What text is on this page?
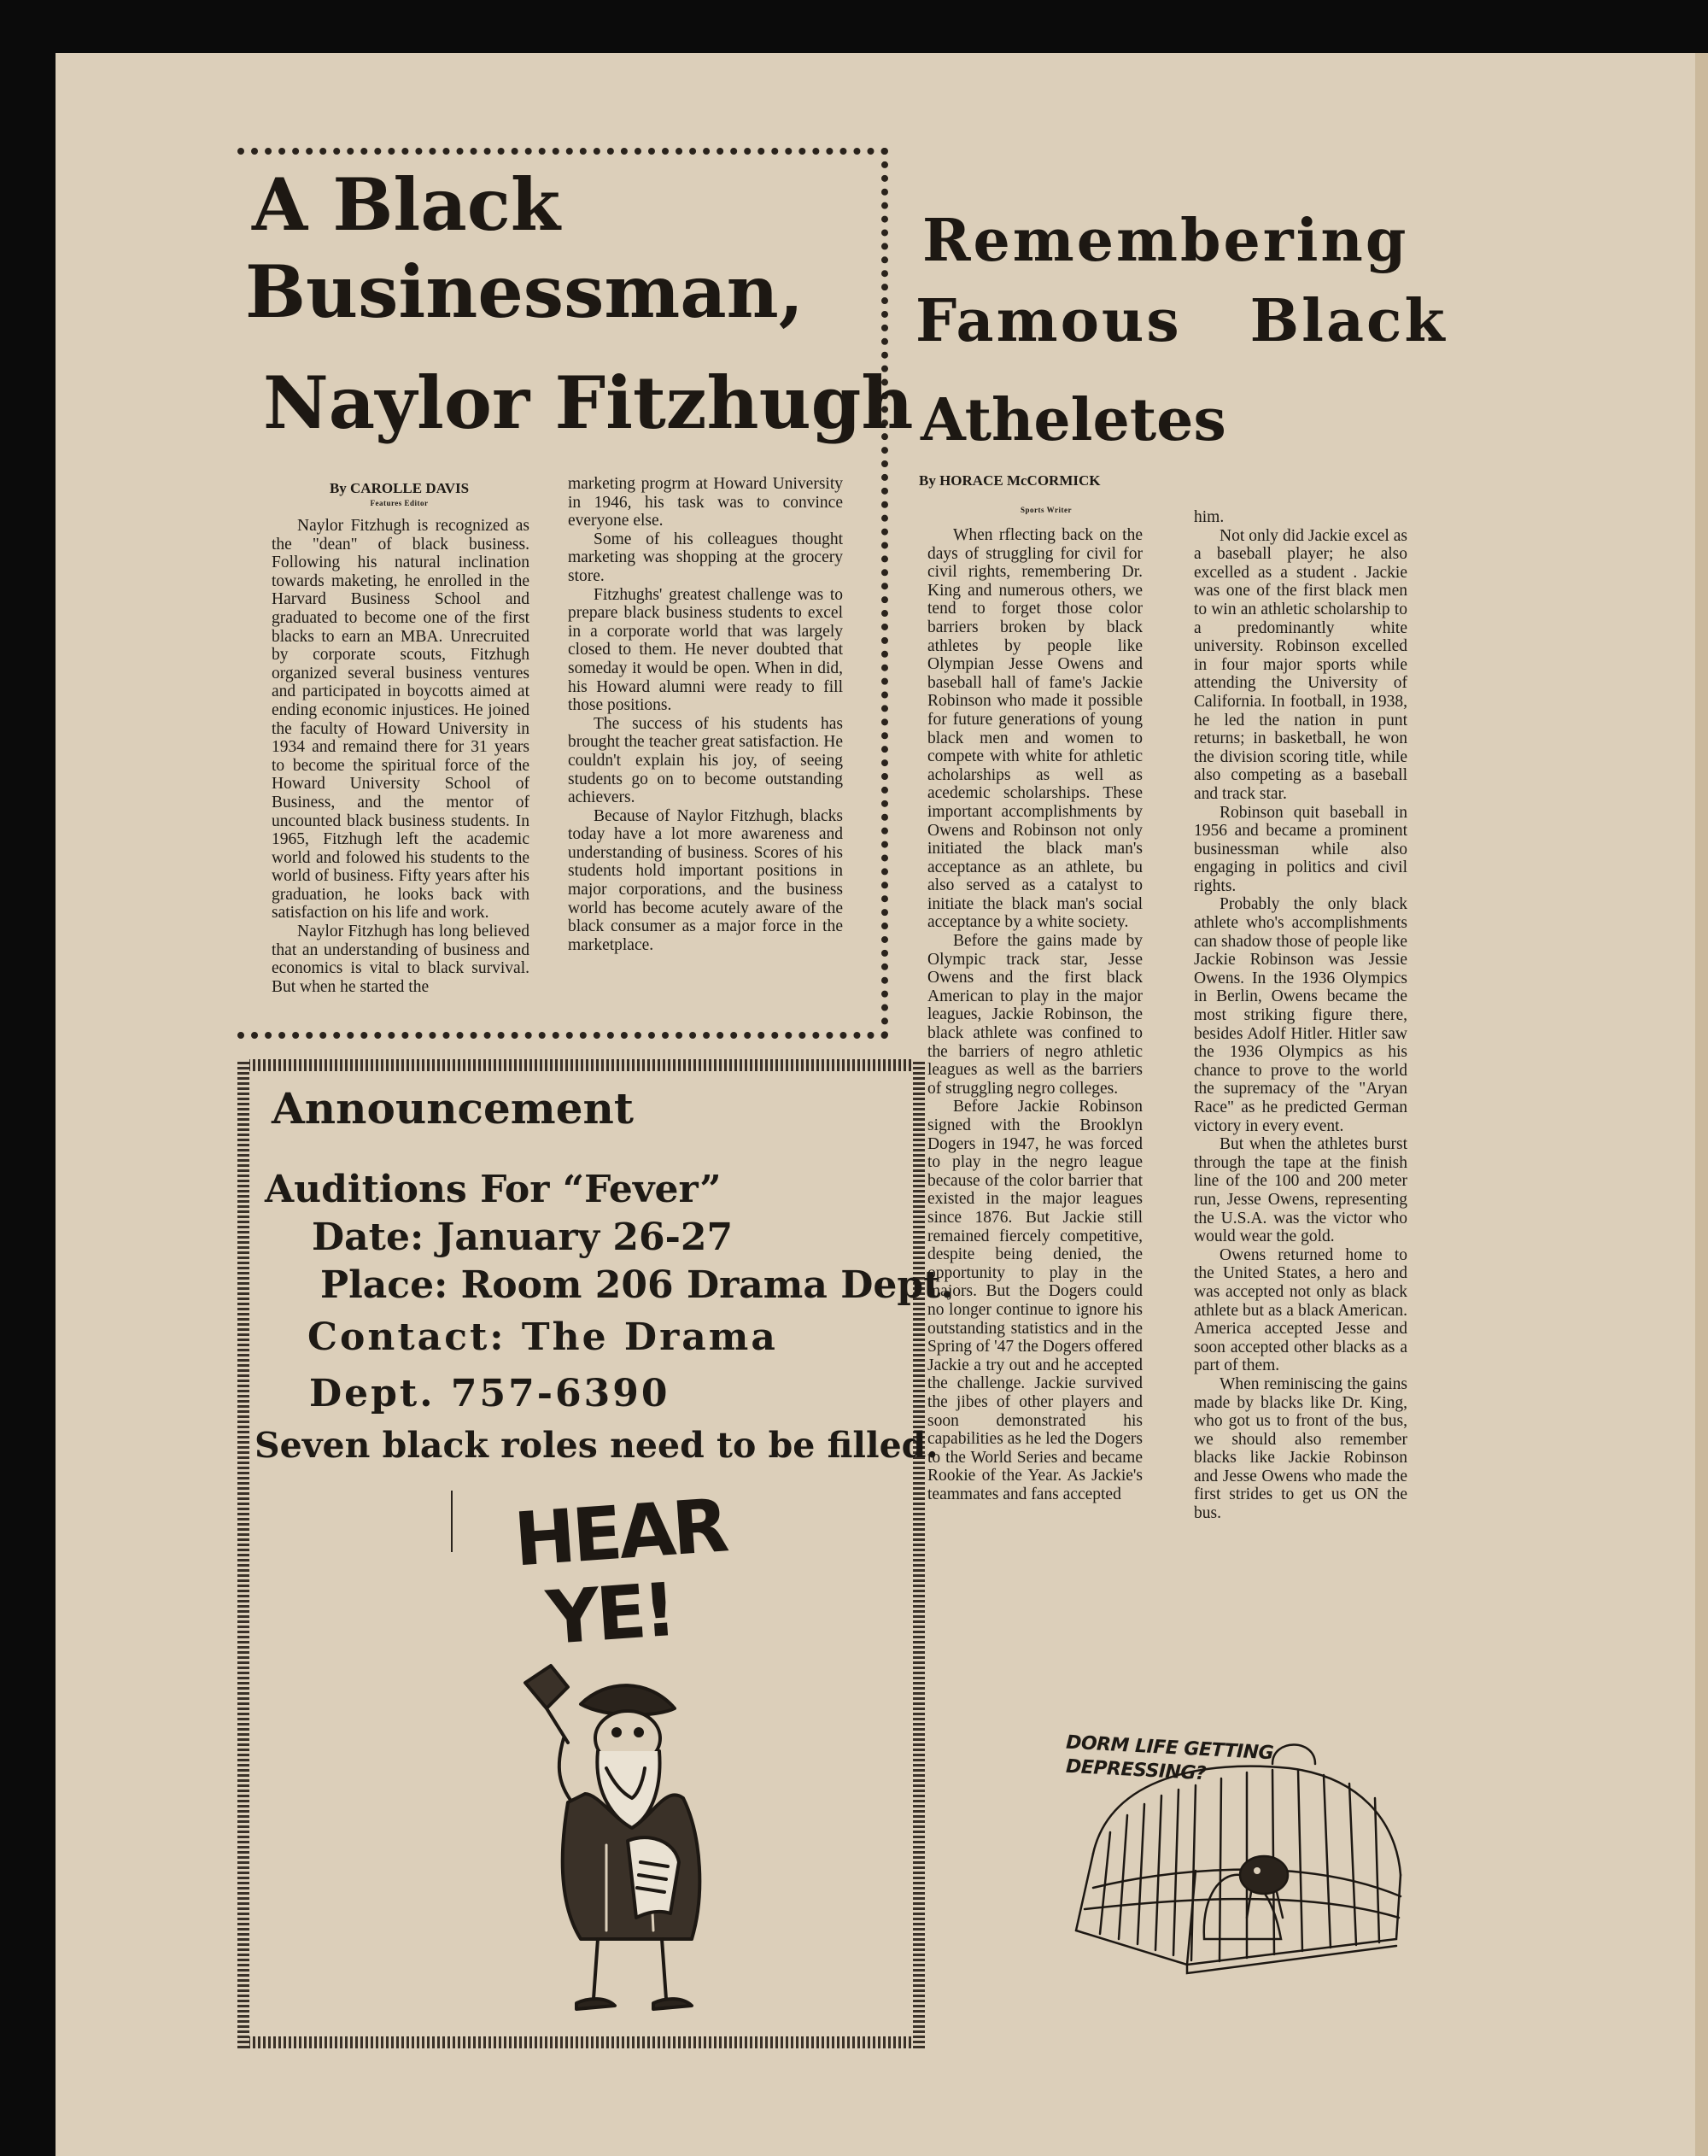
A Black
Businessman,
Naylor Fitzhugh
By CAROLLE DAVIS
Features Editor

Naylor Fitzhugh is recognized as the "dean" of black business. Following his natural inclination towards maketing, he enrolled in the Harvard Business School and graduated to become one of the first blacks to earn an MBA. Unrecruited by corporate scouts, Fitzhugh organized several business ventures and participated in boycotts aimed at ending economic injustices. He joined the faculty of Howard University in 1934 and remaind there for 31 years to become the spiritual force of the Howard University School of Business, and the mentor of uncounted black business students. In 1965, Fitzhugh left the academic world and folowed his students to the world of business. Fifty years after his graduation, he looks back with satisfaction on his life and work.

Naylor Fitzhugh has long believed that an understanding of business and economics is vital to black survival. But when he started the

marketing progrm at Howard University in 1946, his task was to convince everyone else.

Some of his colleagues thought marketing was shopping at the grocery store.

Fitzhughs' greatest challenge was to prepare black business students to excel in a corporate world that was largely closed to them. He never doubted that someday it would be open. When in did, his Howard alumni were ready to fill those positions.

The success of his students has brought the teacher great satisfaction. He couldn't explain his joy, of seeing students go on to become outstanding achievers.

Because of Naylor Fitzhugh, blacks today have a lot more awareness and understanding of business. Scores of his students hold important positions in major corporations, and the business world has become acutely aware of the black consumer as a major force in the marketplace.

Announcement
Auditions For “Fever”
Date: January 26-27
Place: Room 206 Drama Dept.
Contact: The Drama
Dept. 757-6390
Seven black roles need to be filled.
HEAR
YE!
Remembering
Famous   Black
Atheletes
By HORACE McCORMICK
Sports Writer

When rflecting back on the days of struggling for civil for civil rights, remembering Dr. King and numerous others, we tend to forget those color barriers broken by black athletes by people like Olympian Jesse Owens and baseball hall of fame's Jackie Robinson who made it possible for future generations of young black men and women to compete with white for athletic acholarships as well as acedemic scholarships. These important accomplishments by Owens and Robinson not only initiated the black man's acceptance as an athlete, bu also served as a catalyst to initiate the black man's social acceptance by a white society.

Before the gains made by Olympic track star, Jesse Owens and the first black American to play in the major leagues, Jackie Robinson, the black athlete was confined to the barriers of negro athletic leagues as well as the barriers of struggling negro colleges.

Before Jackie Robinson signed with the Brooklyn Dogers in 1947, he was forced to play in the negro league because of the color barrier that existed in the major leagues since 1876. But Jackie still remained fiercely competitive, despite being denied, the opportunity to play in the majors. But the Dogers could no longer continue to ignore his outstanding statistics and in the Spring of '47 the Dogers offered Jackie a try out and he accepted the challenge. Jackie survived the jibes of other players and soon demonstrated his capabilities as he led the Dogers to the World Series and became Rookie of the Year. As Jackie's teammates and fans accepted

him.

Not only did Jackie excel as a baseball player; he also excelled as a student . Jackie was one of the first black men to win an athletic scholarship to a predominantly white university. Robinson excelled in four major sports while attending the University of California. In football, in 1938, he led the nation in punt returns; in basketball, he won the division scoring title, while also competing as a baseball and track star.

Robinson quit baseball in 1956 and became a prominent businessman while also engaging in politics and civil rights.

Probably the only black athlete who's accomplishments can shadow those of people like Jackie Robinson was Jessie Owens. In the 1936 Olympics in Berlin, Owens became the most striking figure there, besides Adolf Hitler. Hitler saw the 1936 Olympics as his chance to prove to the world the supremacy of the "Aryan Race" as he predicted German victory in every event.

But when the athletes burst through the tape at the finish line of the 100 and 200 meter run, Jesse Owens, representing the U.S.A. was the victor who would wear the gold.

Owens returned home to the United States, a hero and was accepted not only as black athlete but as a black American. America accepted Jesse and soon accepted other blacks as a part of them.

When reminiscing the gains made by blacks like Dr. King, who got us to front of the bus, we should also remember blacks like Jackie Robinson and Jesse Owens who made the first strides to get us ON the bus.

DORM LIFE GETTING
DEPRESSING?
